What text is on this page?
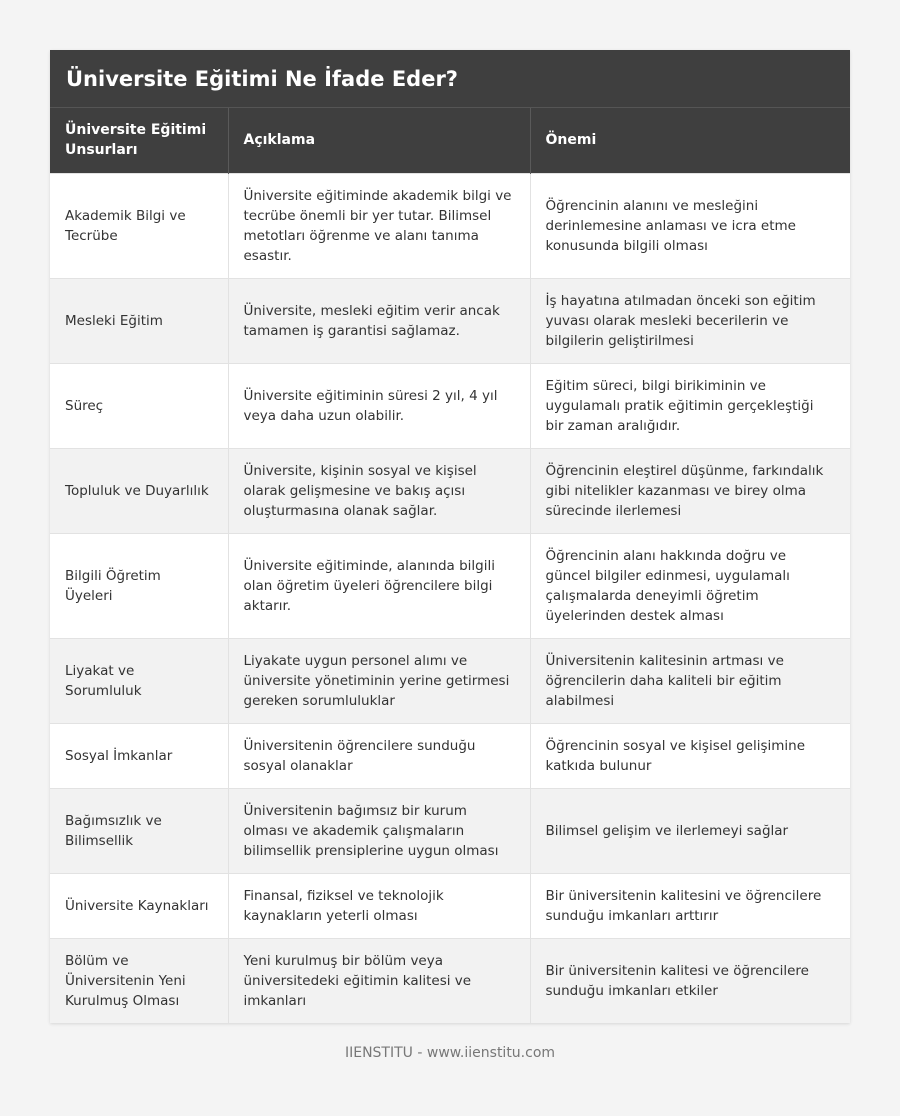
Üniversite Eğitimi Ne İfade Eder?
Üniversite Eğitimi Unsurları	Açıklama	Önemi
Akademik Bilgi ve Tecrübe	Üniversite eğitiminde akademik bilgi ve tecrübe önemli bir yer tutar. Bilimsel metotları öğrenme ve alanı tanıma esastır.	Öğrencinin alanını ve mesleğini derinlemesine anlaması ve icra etme konusunda bilgili olması
Mesleki Eğitim	Üniversite, mesleki eğitim verir ancak tamamen iş garantisi sağlamaz.	İş hayatına atılmadan önceki son eğitim yuvası olarak mesleki becerilerin ve bilgilerin geliştirilmesi
Süreç	Üniversite eğitiminin süresi 2 yıl, 4 yıl veya daha uzun olabilir.	Eğitim süreci, bilgi birikiminin ve uygulamalı pratik eğitimin gerçekleştiği bir zaman aralığıdır.
Topluluk ve Duyarlılık	Üniversite, kişinin sosyal ve kişisel olarak gelişmesine ve bakış açısı oluşturmasına olanak sağlar.	Öğrencinin eleştirel düşünme, farkındalık gibi nitelikler kazanması ve birey olma sürecinde ilerlemesi
Bilgili Öğretim Üyeleri	Üniversite eğitiminde, alanında bilgili olan öğretim üyeleri öğrencilere bilgi aktarır.	Öğrencinin alanı hakkında doğru ve güncel bilgiler edinmesi, uygulamalı çalışmalarda deneyimli öğretim üyelerinden destek alması
Liyakat ve Sorumluluk	Liyakate uygun personel alımı ve üniversite yönetiminin yerine getirmesi gereken sorumluluklar	Üniversitenin kalitesinin artması ve öğrencilerin daha kaliteli bir eğitim alabilmesi
Sosyal İmkanlar	Üniversitenin öğrencilere sunduğu sosyal olanaklar	Öğrencinin sosyal ve kişisel gelişimine katkıda bulunur
Bağımsızlık ve Bilimsellik	Üniversitenin bağımsız bir kurum olması ve akademik çalışmaların bilimsellik prensiplerine uygun olması	Bilimsel gelişim ve ilerlemeyi sağlar
Üniversite Kaynakları	Finansal, fiziksel ve teknolojik kaynakların yeterli olması	Bir üniversitenin kalitesini ve öğrencilere sunduğu imkanları arttırır
Bölüm ve Üniversitenin Yeni Kurulmuş Olması	Yeni kurulmuş bir bölüm veya üniversitedeki eğitimin kalitesi ve imkanları	Bir üniversitenin kalitesi ve öğrencilere sunduğu imkanları etkiler
IIENSTITU - www.iienstitu.com
